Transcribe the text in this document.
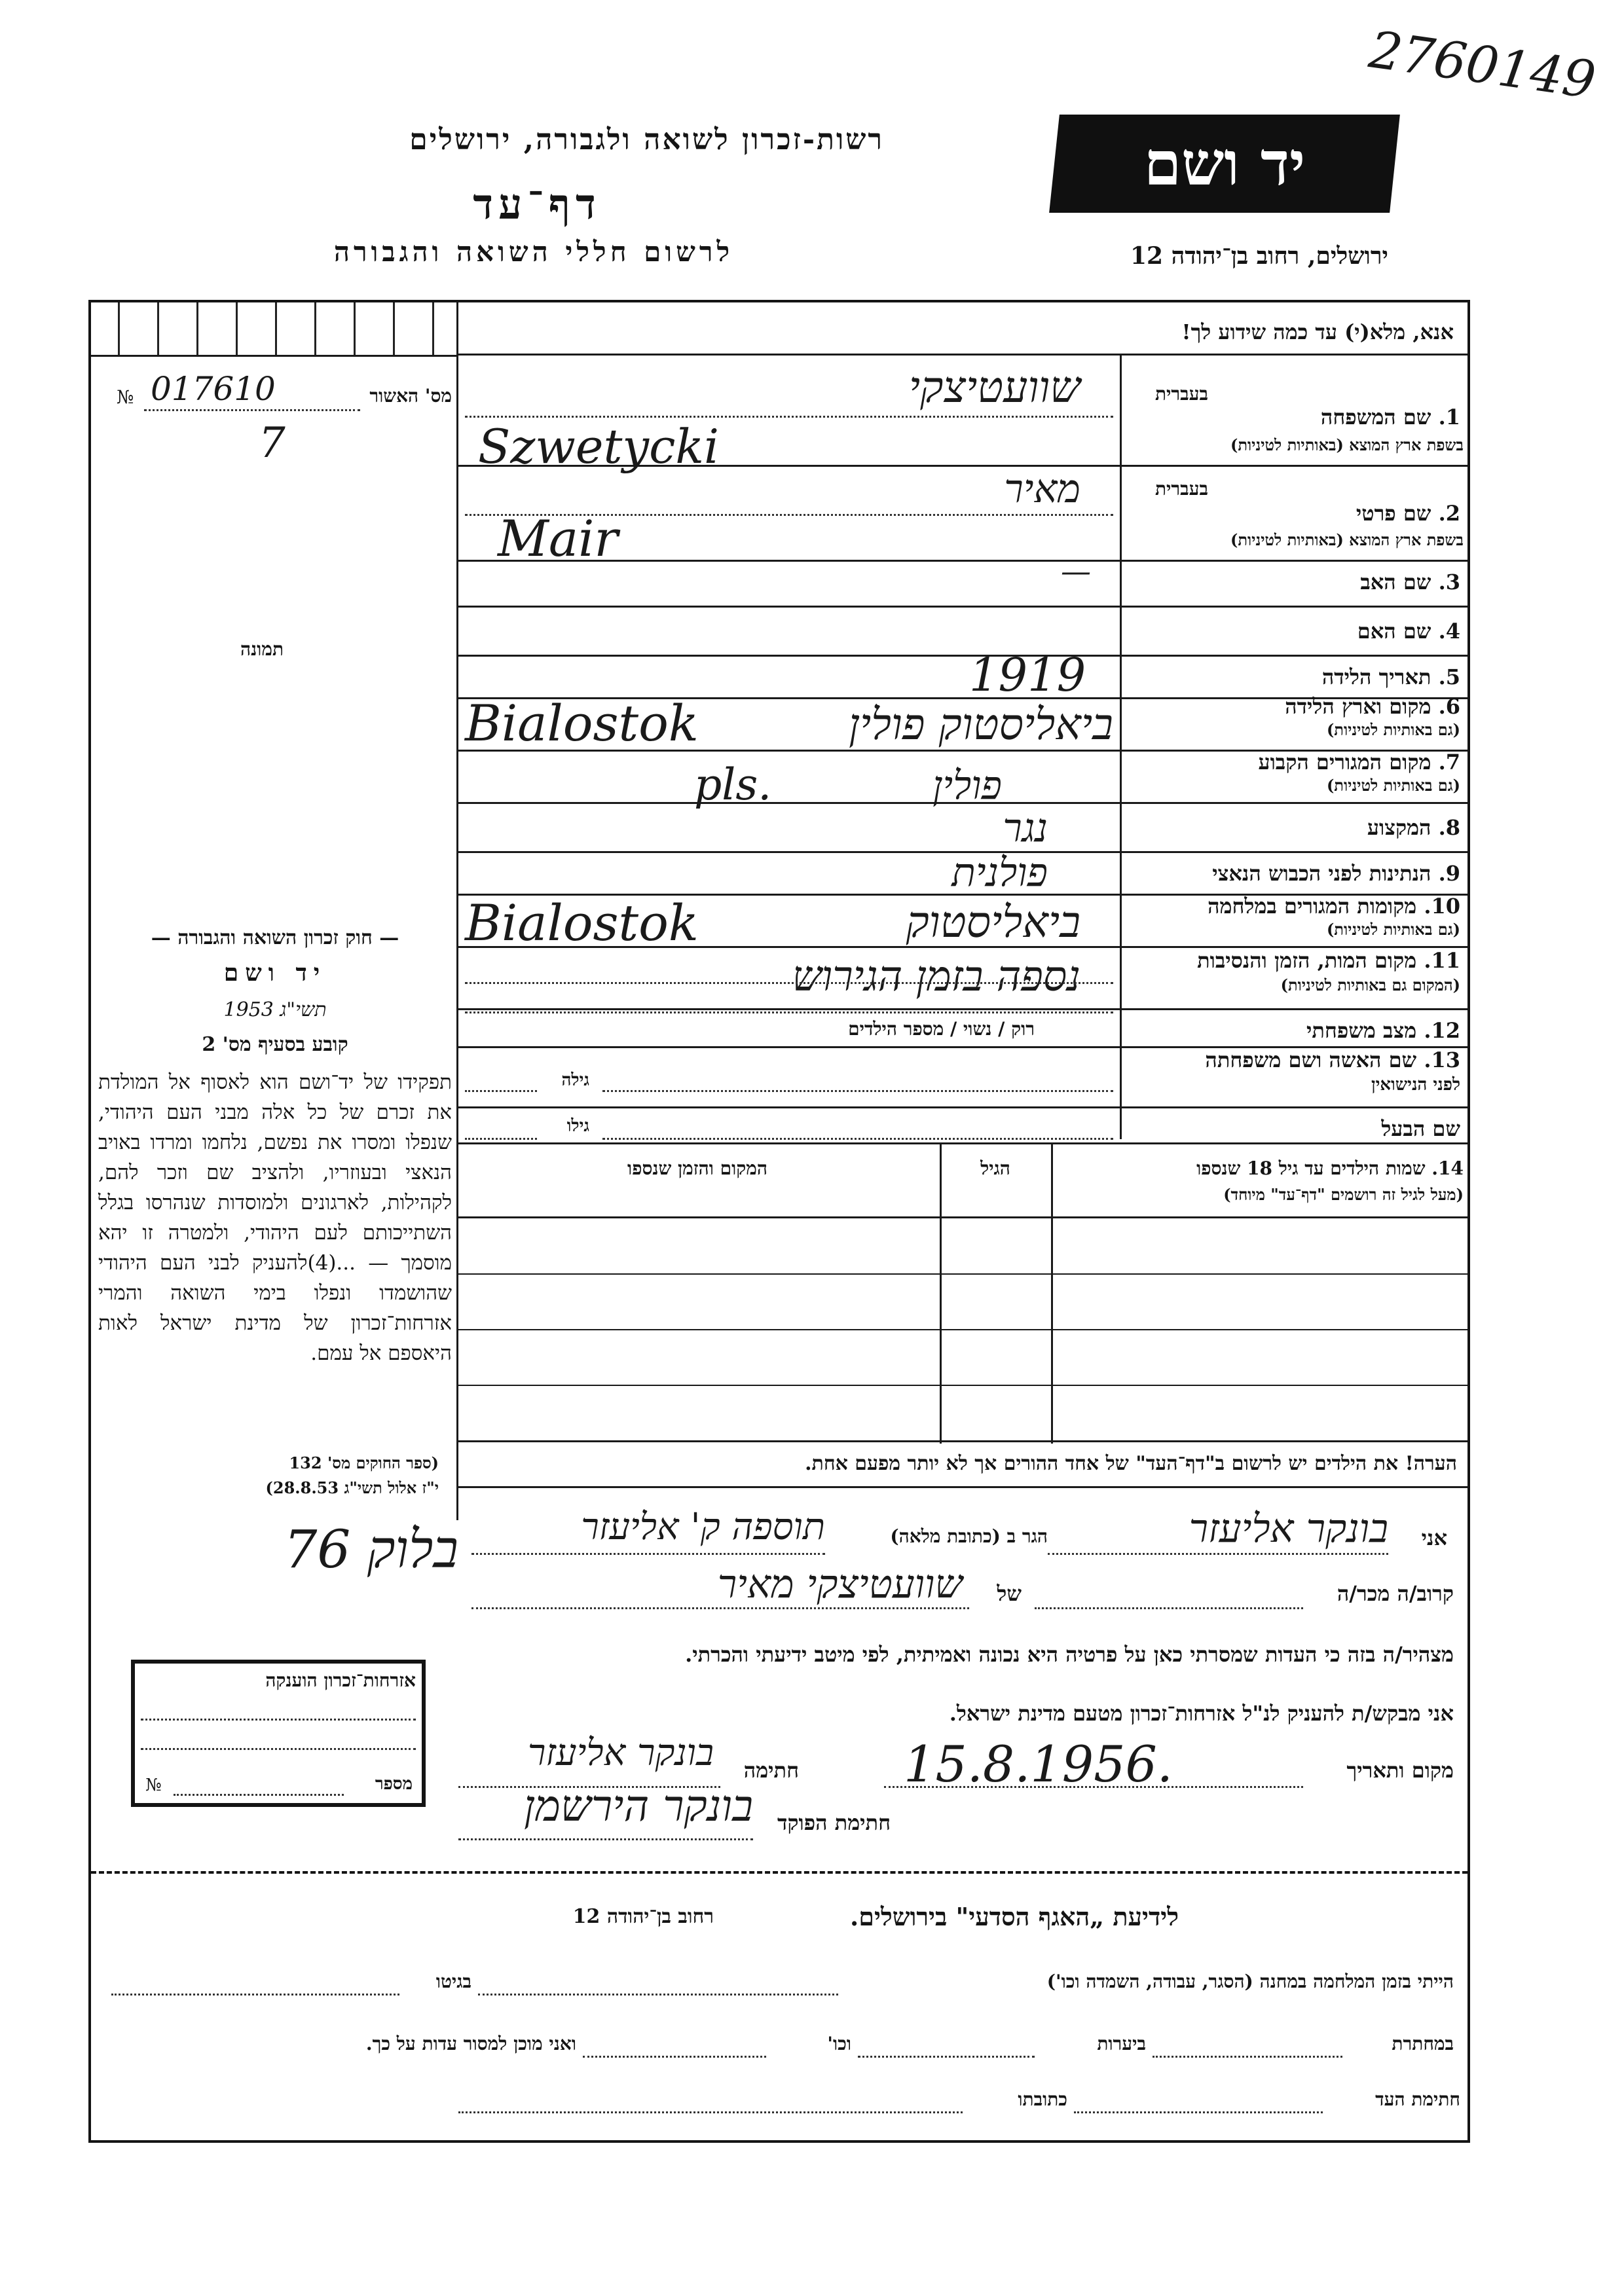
2760149
רשות-זכרון לשואה ולגבורה, ירושלים
דף־עד
לרשום חללי השואה והגבורה
יד ושם
ירושלים, רחוב בן־יהודה 12
מס' האשור
№ 017610
7
תמונה
— חוק זכרון השואה והגבורה —
יד ושם
תשי"ג 1953
קובע בסעיף מס' 2
תפקידו של יד־ושם הוא לאסוף אל המולדת את זכרם של כל אלה מבני העם היהודי, שנפלו ומסרו את נפשם, נלחמו ומרדו באויב הנאצי ובעוזריו, ולהציב שם וזכר להם, לקהילות, לארגונים ולמוסדות שנהרסו בגלל השתייכותם לעם היהודי, ולמטרה זו יהא מוסמך — ...(4)להעניק לבני העם היהודי שהושמדו ונפלו בימי השואה והמרי אזרחות־זכרון של מדינת ישראל לאות היאספם אל עמם.
(ספר החוקים מס' 132
י"ז אלול תשי"ג 28.8.53)
אזרחות־זכרון הוענקה
מספר
№
אנא, מלא(י) עד כמה שידוע לך!
בעברית
1. שם המשפחה
בשפת ארץ המוצא (באותיות לטיניות)
שוועטיצקי
Szwetycki
בעברית
2. שם פרטי
בשפת ארץ המוצא (באותיות לטיניות)
מאיר
Mair
3. שם האב
—
4. שם האם
5. תאריך הלידה
1919
6. מקום וארץ הלידה
(גם באותיות לטיניות)
Bialostok	ביאליסטוק פולין
7. מקום המגורים הקבוע
(גם באותיות לטיניות)
pls.	פולין
8. המקצוע
נגר
9. הנתינות לפני הכבוש הנאצי
פולנית
10. מקומות המגורים במלחמה
(גם באותיות לטיניות)
Bialostok	ביאליסטוק
11. מקום המות, הזמן והנסיבות
(המקום גם באותיות לטיניות)
נספה בזמן הגירוש
12. מצב משפחתי
רוק / נשוי / מספר הילדים
13. שם האשה ושם משפחתה
לפני הנישואין
גילה
שם הבעל
גילו
14. שמות הילדים עד גיל 18 שנספו
(מעל לגיל זה רושמים "דף־עד" מיוחד)
הגיל
המקום והזמן שנספו
הערה! את הילדים יש לרשום ב"דף־העד" של אחד ההורים אך לא יותר מפעם אחת.
אני
בונקר אליעזר
הגר ב (כתובת מלאה)
תוספה ק' אליעזר
בלוק 76
קרוב/ה מכר/ה
של
שוועטיצקי מאיר
מצהיר/ה בזה כי העדות שמסרתי כאן על פרטיה היא נכונה ואמיתית, לפי מיטב ידיעתי והכרתי.
אני מבקש/ת להעניק לנ"ל אזרחות־זכרון מטעם מדינת ישראל.
מקום ותאריך
15.8.1956.
חתימה
בונקר אליעזר
חתימת הפוקד
בונקר הירשמן
לידיעת „האגף הסדעי" בירושלים.
רחוב בן־יהודה 12
הייתי בזמן המלחמה במחנה (הסגר, עבודה, השמדה וכו')
בגיטו
במחתרת
ביערות
וכו'
ואני מוכן למסור עדות על כך.
חתימת העד
כתובתו
